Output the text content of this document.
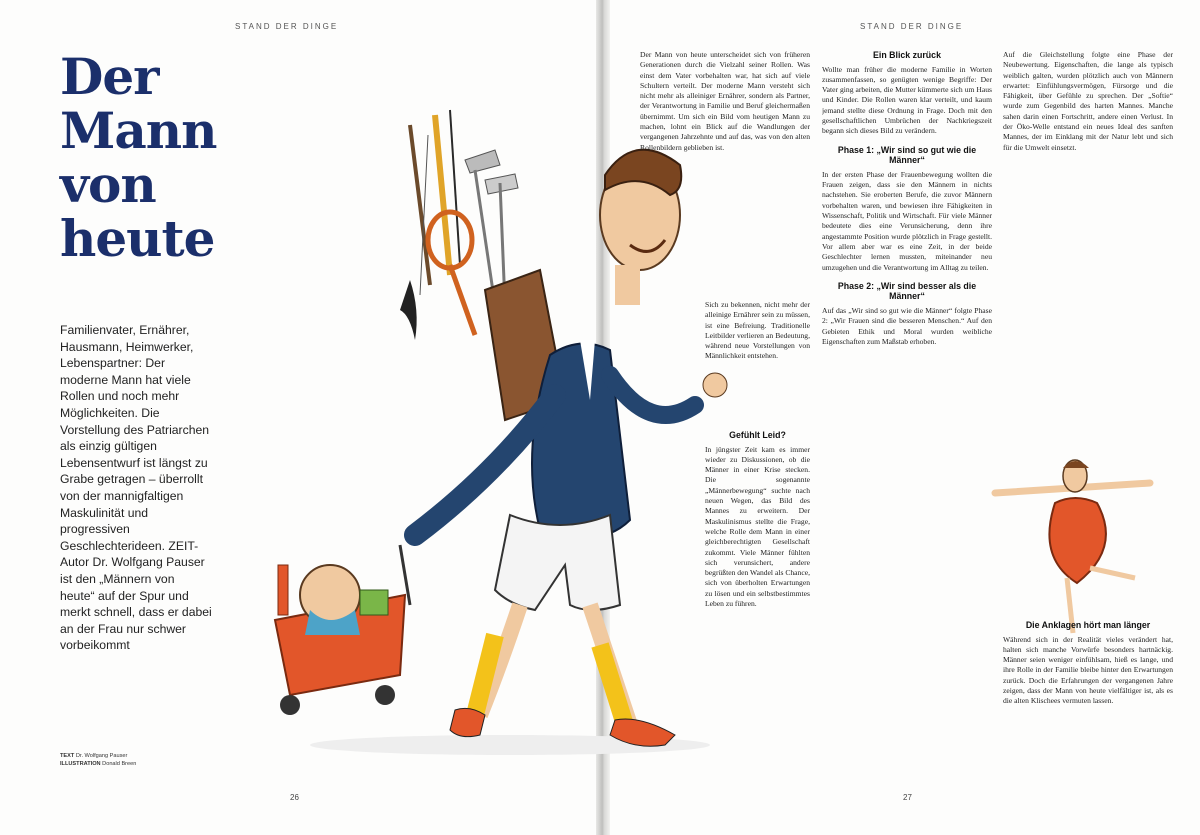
STAND DER DINGE	STAND DER DINGE
Der
Mann
von
heute

Familienvater, Ernährer, Hausmann, Heimwerker, Lebenspartner: Der moderne Mann hat viele Rollen und noch mehr Möglichkeiten. Die Vorstellung des Patriarchen als einzig gültigen Lebensentwurf ist längst zu Grabe getragen – überrollt von der mannigfaltigen Maskulinität und progressiven Geschlechterideen. ZEIT-Autor Dr. Wolfgang Pauser ist den „Männern von heute“ auf der Spur und merkt schnell, dass er dabei an der Frau nur schwer vorbeikommt

TEXT Dr. Wolfgang Pauser
ILLUSTRATION Donald Breen

Der Mann von heute unterscheidet sich von früheren Generationen durch die Vielzahl seiner Rollen. Was einst dem Vater vorbehalten war, hat sich auf viele Schultern verteilt. Der moderne Mann versteht sich nicht mehr als alleiniger Ernährer, sondern als Partner, der Verantwortung in Familie und Beruf gleichermaßen übernimmt. Um sich ein Bild vom heutigen Mann zu machen, lohnt ein Blick auf die Wandlungen der vergangenen Jahrzehnte und auf das, was von den alten Rollenbildern geblieben ist.

Sich zu bekennen, nicht mehr der alleinige Ernährer sein zu müssen, ist eine Befreiung. Traditionelle Leitbilder verlieren an Bedeutung, während neue Vorstellungen von Männlichkeit entstehen.

Gefühlt Leid?

In jüngster Zeit kam es immer wieder zu Diskussionen, ob die Männer in einer Krise stecken. Die sogenannte „Männerbewegung“ suchte nach neuen Wegen, das Bild des Mannes zu erweitern. Der Maskulinismus stellte die Frage, welche Rolle dem Mann in einer gleichberechtigten Gesellschaft zukommt. Viele Männer fühlten sich verunsichert, andere begrüßten den Wandel als Chance, sich von überholten Erwartungen zu lösen und ein selbstbestimmtes Leben zu führen.

Ein Blick zurück

Wollte man früher die moderne Familie in Worten zusammenfassen, so genügten wenige Begriffe: Der Vater ging arbeiten, die Mutter kümmerte sich um Haus und Kinder. Die Rollen waren klar verteilt, und kaum jemand stellte diese Ordnung in Frage. Doch mit den gesellschaftlichen Umbrüchen der Nachkriegszeit begann sich dieses Bild zu verändern.

Phase 1: „Wir sind so gut wie die Männer“

In der ersten Phase der Frauenbewegung wollten die Frauen zeigen, dass sie den Männern in nichts nachstehen. Sie eroberten Berufe, die zuvor Männern vorbehalten waren, und bewiesen ihre Fähigkeiten in Wissenschaft, Politik und Wirtschaft. Für viele Männer bedeutete dies eine Verunsicherung, denn ihre angestammte Position wurde plötzlich in Frage gestellt. Vor allem aber war es eine Zeit, in der beide Geschlechter lernen mussten, miteinander neu umzugehen und die Verantwortung im Alltag zu teilen.

Phase 2: „Wir sind besser als die Männer“

Auf das „Wir sind so gut wie die Männer“ folgte Phase 2: „Wir Frauen sind die besseren Menschen.“ Auf den Gebieten Ethik und Moral wurden weibliche Eigenschaften zum Maßstab erhoben.

Auf die Gleichstellung folgte eine Phase der Neubewertung. Eigenschaften, die lange als typisch weiblich galten, wurden plötzlich auch von Männern erwartet: Einfühlungsvermögen, Fürsorge und die Fähigkeit, über Gefühle zu sprechen. Der „Softie“ wurde zum Gegenbild des harten Mannes. Manche sahen darin einen Fortschritt, andere einen Verlust. In der Öko-Welle entstand ein neues Ideal des sanften Mannes, der im Einklang mit der Natur lebt und sich für die Umwelt einsetzt.

Die Anklagen hört man länger

Während sich in der Realität vieles verändert hat, halten sich manche Vorwürfe besonders hartnäckig. Männer seien weniger einfühlsam, hieß es lange, und ihre Rolle in der Familie bleibe hinter den Erwartungen zurück. Doch die Erfahrungen der vergangenen Jahre zeigen, dass der Mann von heute vielfältiger ist, als es die alten Klischees vermuten lassen.

26	27
